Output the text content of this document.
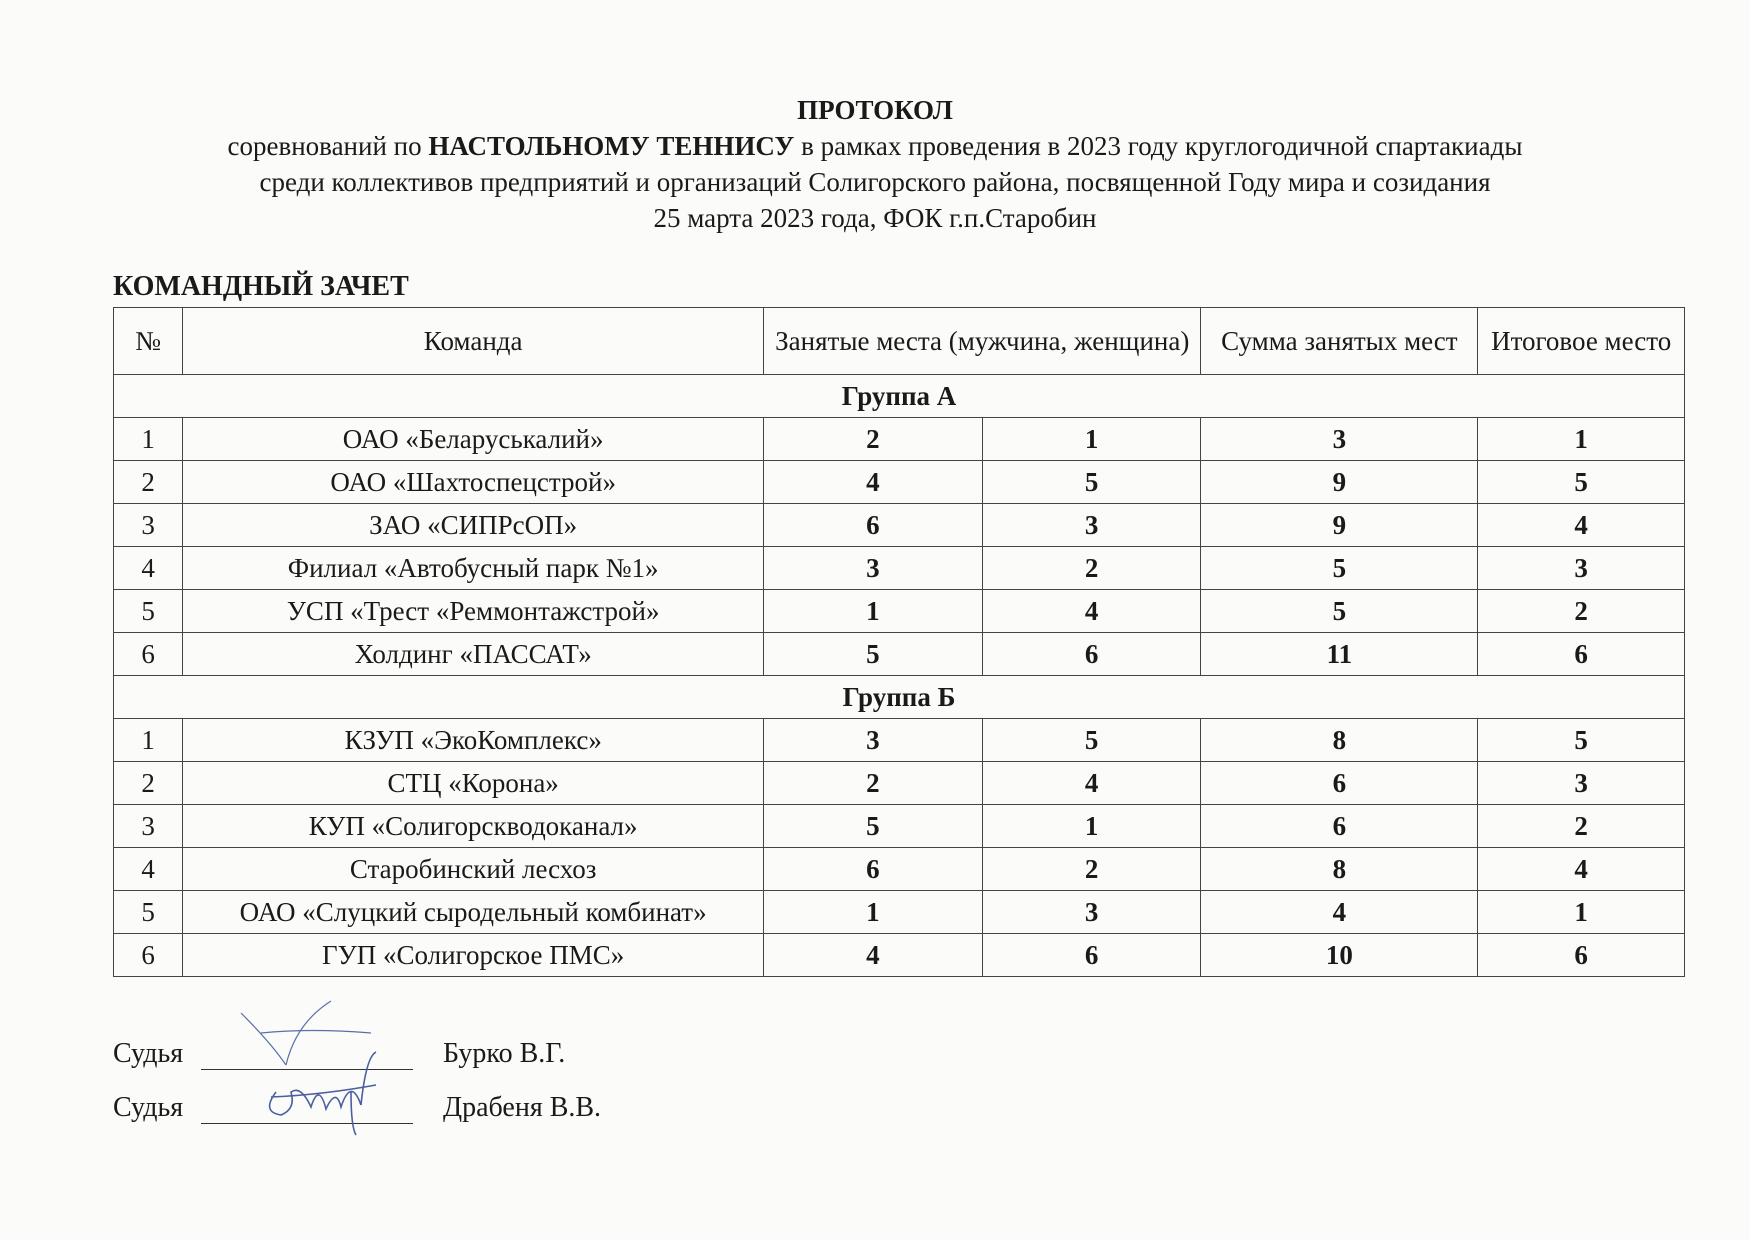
ПРОТОКОЛ
соревнований по НАСТОЛЬНОМУ ТЕННИСУ в рамках проведения в 2023 году круглогодичной спартакиады
среди коллективов предприятий и организаций Солигорского района, посвященной Году мира и созидания
25 марта 2023 года, ФОК г.п.Старобин
КОМАНДНЫЙ ЗАЧЕТ
№	Команда	Занятые места (мужчина, женщина)		Сумма занятых мест	Итоговое место
Группа А					
1	ОАО «Беларуськалий»	2	1	3	1
2	ОАО «Шахтоспецстрой»	4	5	9	5
3	ЗАО «СИПРсОП»	6	3	9	4
4	Филиал «Автобусный парк №1»	3	2	5	3
5	УСП «Трест «Реммонтажстрой»	1	4	5	2
6	Холдинг «ПАССАТ»	5	6	11	6
Группа Б					
1	КЗУП «ЭкоКомплекс»	3	5	8	5
2	СТЦ «Корона»	2	4	6	3
3	КУП «Солигорскводоканал»	5	1	6	2
4	Старобинский лесхоз	6	2	8	4
5	ОАО «Слуцкий сыродельный комбинат»	1	3	4	1
6	ГУП «Солигорское ПМС»	4	6	10	6
Судья	Бурко В.Г.
Судья	Драбеня В.В.
